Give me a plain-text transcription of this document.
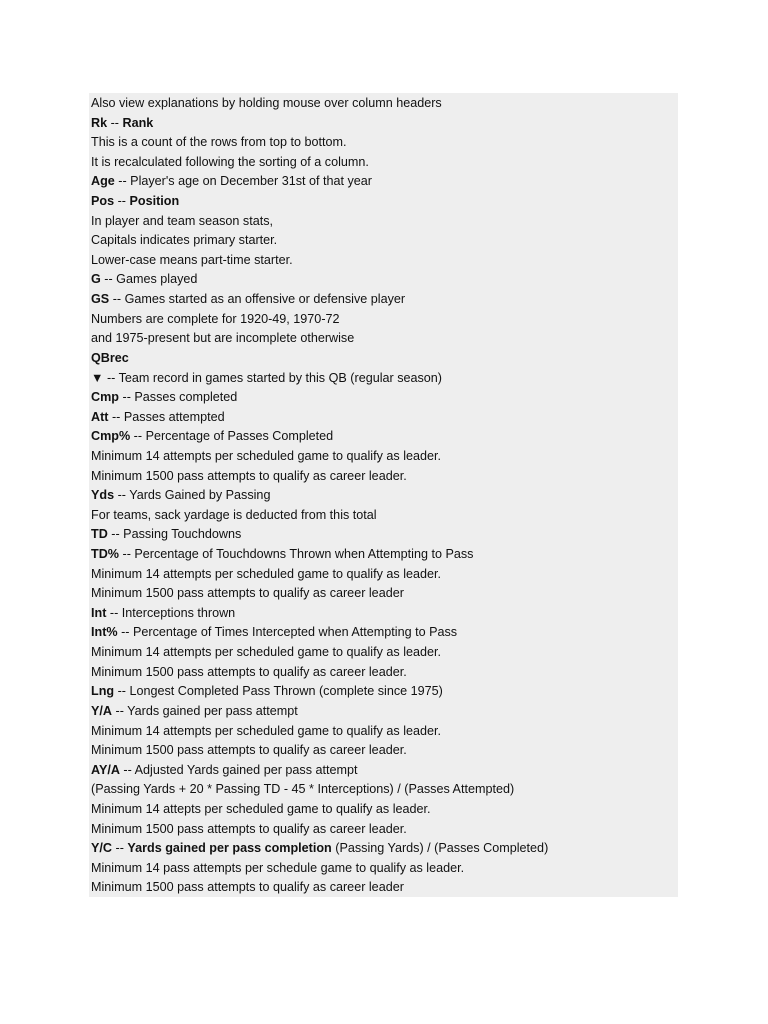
Also view explanations by holding mouse over column headers
Rk -- Rank
This is a count of the rows from top to bottom.
It is recalculated following the sorting of a column.
Age -- Player's age on December 31st of that year
Pos -- Position
In player and team season stats,
Capitals indicates primary starter.
Lower-case means part-time starter.
G -- Games played
GS -- Games started as an offensive or defensive player
Numbers are complete for 1920-49, 1970-72
and 1975-present but are incomplete otherwise
QBrec
▼ -- Team record in games started by this QB (regular season)
Cmp -- Passes completed
Att -- Passes attempted
Cmp% -- Percentage of Passes Completed
Minimum 14 attempts per scheduled game to qualify as leader.
Minimum 1500 pass attempts to qualify as career leader.
Yds -- Yards Gained by Passing
For teams, sack yardage is deducted from this total
TD -- Passing Touchdowns
TD% -- Percentage of Touchdowns Thrown when Attempting to Pass
Minimum 14 attempts per scheduled game to qualify as leader.
Minimum 1500 pass attempts to qualify as career leader
Int -- Interceptions thrown
Int% -- Percentage of Times Intercepted when Attempting to Pass
Minimum 14 attempts per scheduled game to qualify as leader.
Minimum 1500 pass attempts to qualify as career leader.
Lng -- Longest Completed Pass Thrown (complete since 1975)
Y/A -- Yards gained per pass attempt
Minimum 14 attempts per scheduled game to qualify as leader.
Minimum 1500 pass attempts to qualify as career leader.
AY/A -- Adjusted Yards gained per pass attempt
(Passing Yards + 20 * Passing TD - 45 * Interceptions) / (Passes Attempted)
Minimum 14 attepts per scheduled game to qualify as leader.
Minimum 1500 pass attempts to qualify as career leader.
Y/C -- Yards gained per pass completion (Passing Yards) / (Passes Completed)
Minimum 14 pass attempts per schedule game to qualify as leader.
Minimum 1500 pass attempts to qualify as career leader
